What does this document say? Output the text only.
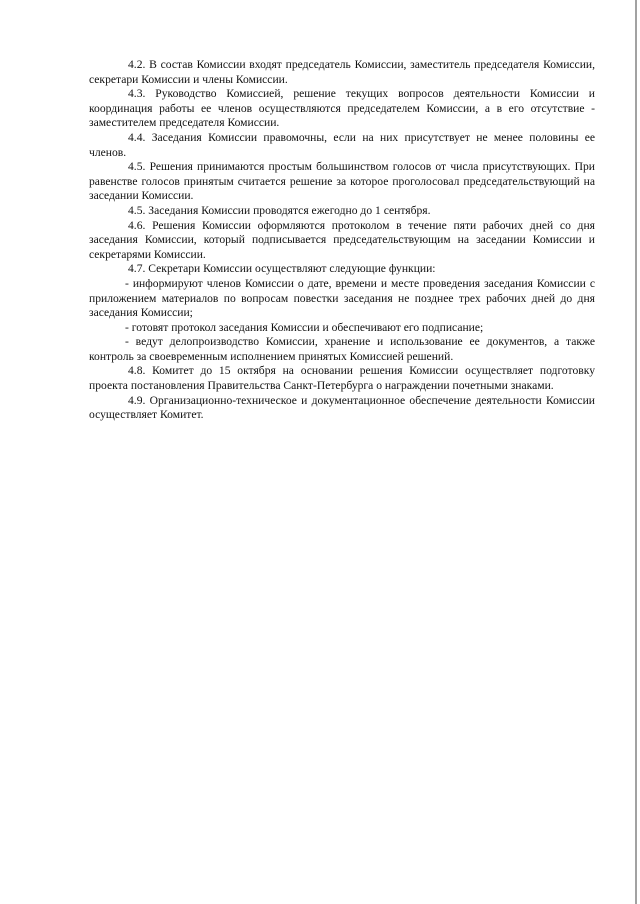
4.2. В состав Комиссии входят председатель Комиссии, заместитель председателя Комиссии, секретари Комиссии и члены Комиссии.

4.3. Руководство Комиссией, решение текущих вопросов деятельности Комиссии и координация работы ее членов осуществляются председателем Комиссии, а в его отсутствие - заместителем председателя Комиссии.

4.4. Заседания Комиссии правомочны, если на них присутствует не менее половины ее членов.

4.5. Решения принимаются простым большинством голосов от числа присутствующих. При равенстве голосов принятым считается решение за которое проголосовал председательствующий на заседании Комиссии.

4.5. Заседания Комиссии проводятся ежегодно до 1 сентября.

4.6. Решения Комиссии оформляются протоколом в течение пяти рабочих дней со дня заседания Комиссии, который подписывается председательствующим на заседании Комиссии и секретарями Комиссии.

4.7. Секретари Комиссии осуществляют следующие функции:

- информируют членов Комиссии о дате, времени и месте проведения заседания Комиссии с приложением материалов по вопросам повестки заседания не позднее трех рабочих дней до дня заседания Комиссии;

- готовят протокол заседания Комиссии и обеспечивают его подписание;

- ведут делопроизводство Комиссии, хранение и использование ее документов, а также контроль за своевременным исполнением принятых Комиссией решений.

4.8. Комитет до 15 октября на основании решения Комиссии осуществляет подготовку проекта постановления Правительства Санкт-Петербурга о награждении почетными знаками.

4.9. Организационно-техническое и документационное обеспечение деятельности Комиссии осуществляет Комитет.
